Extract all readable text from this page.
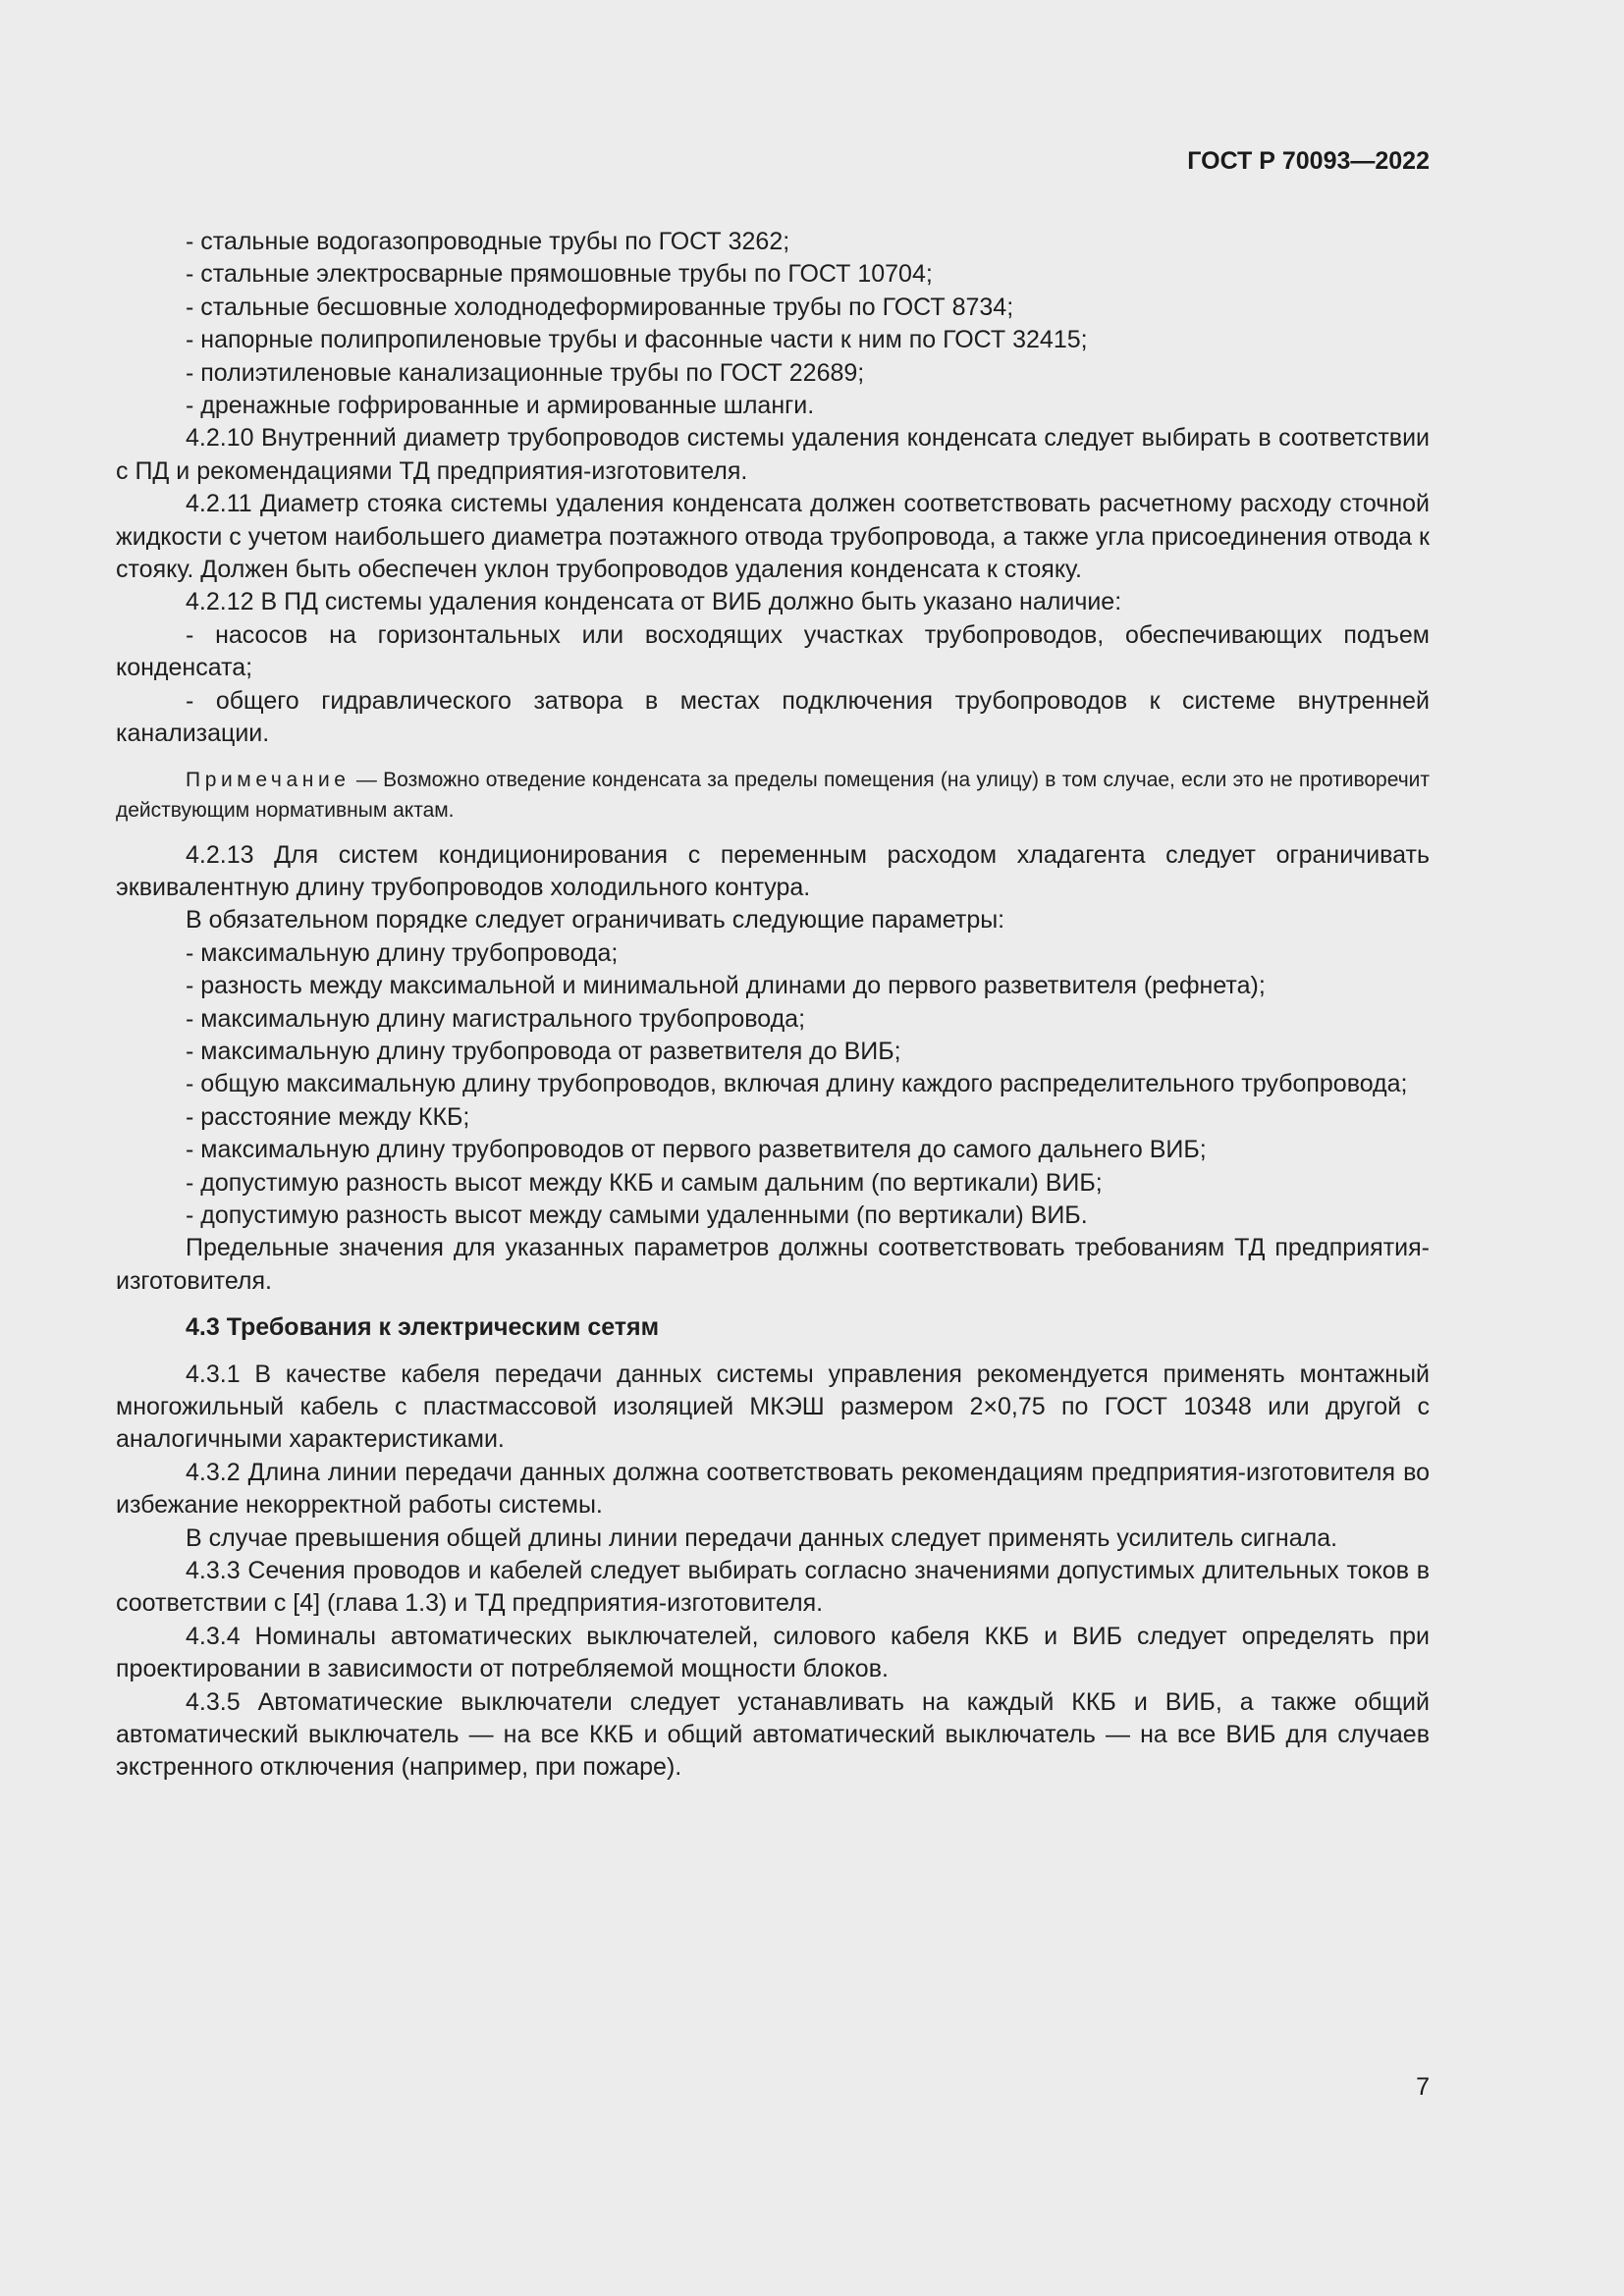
ГОСТ Р 70093—2022

- стальные водогазопроводные трубы по ГОСТ 3262;

- стальные электросварные прямошовные трубы по ГОСТ 10704;

- стальные бесшовные холоднодеформированные трубы по ГОСТ 8734;

- напорные полипропиленовые трубы и фасонные части к ним по ГОСТ 32415;

- полиэтиленовые канализационные трубы по ГОСТ 22689;

- дренажные гофрированные и армированные шланги.

4.2.10 Внутренний диаметр трубопроводов системы удаления конденсата следует выбирать в соответствии с ПД и рекомендациями ТД предприятия-изготовителя.

4.2.11 Диаметр стояка системы удаления конденсата должен соответствовать расчетному расходу сточной жидкости с учетом наибольшего диаметра поэтажного отвода трубопровода, а также угла присоединения отвода к стояку. Должен быть обеспечен уклон трубопроводов удаления конденсата к стояку.

4.2.12 В ПД системы удаления конденсата от ВИБ должно быть указано наличие:

- насосов на горизонтальных или восходящих участках трубопроводов, обеспечивающих подъем конденсата;

- общего гидравлического затвора в местах подключения трубопроводов к системе внутренней канализации.

Примечание — Возможно отведение конденсата за пределы помещения (на улицу) в том случае, если это не противоречит действующим нормативным актам.

4.2.13 Для систем кондиционирования с переменным расходом хладагента следует ограничивать эквивалентную длину трубопроводов холодильного контура.

В обязательном порядке следует ограничивать следующие параметры:

- максимальную длину трубопровода;

- разность между максимальной и минимальной длинами до первого разветвителя (рефнета);

- максимальную длину магистрального трубопровода;

- максимальную длину трубопровода от разветвителя до ВИБ;

- общую максимальную длину трубопроводов, включая длину каждого распределительного трубопровода;

- расстояние между ККБ;

- максимальную длину трубопроводов от первого разветвителя до самого дальнего ВИБ;

- допустимую разность высот между ККБ и самым дальним (по вертикали) ВИБ;

- допустимую разность высот между самыми удаленными (по вертикали) ВИБ.

Предельные значения для указанных параметров должны соответствовать требованиям ТД предприятия-изготовителя.

4.3 Требования к электрическим сетям

4.3.1 В качестве кабеля передачи данных системы управления рекомендуется применять монтажный многожильный кабель с пластмассовой изоляцией МКЭШ размером 2×0,75 по ГОСТ 10348 или другой с аналогичными характеристиками.

4.3.2 Длина линии передачи данных должна соответствовать рекомендациям предприятия-изготовителя во избежание некорректной работы системы.

В случае превышения общей длины линии передачи данных следует применять усилитель сигнала.

4.3.3 Сечения проводов и кабелей следует выбирать согласно значениями допустимых длительных токов в соответствии с [4] (глава 1.3) и ТД предприятия-изготовителя.

4.3.4 Номиналы автоматических выключателей, силового кабеля ККБ и ВИБ следует определять при проектировании в зависимости от потребляемой мощности блоков.

4.3.5 Автоматические выключатели следует устанавливать на каждый ККБ и ВИБ, а также общий автоматический выключатель — на все ККБ и общий автоматический выключатель — на все ВИБ для случаев экстренного отключения (например, при пожаре).

7
